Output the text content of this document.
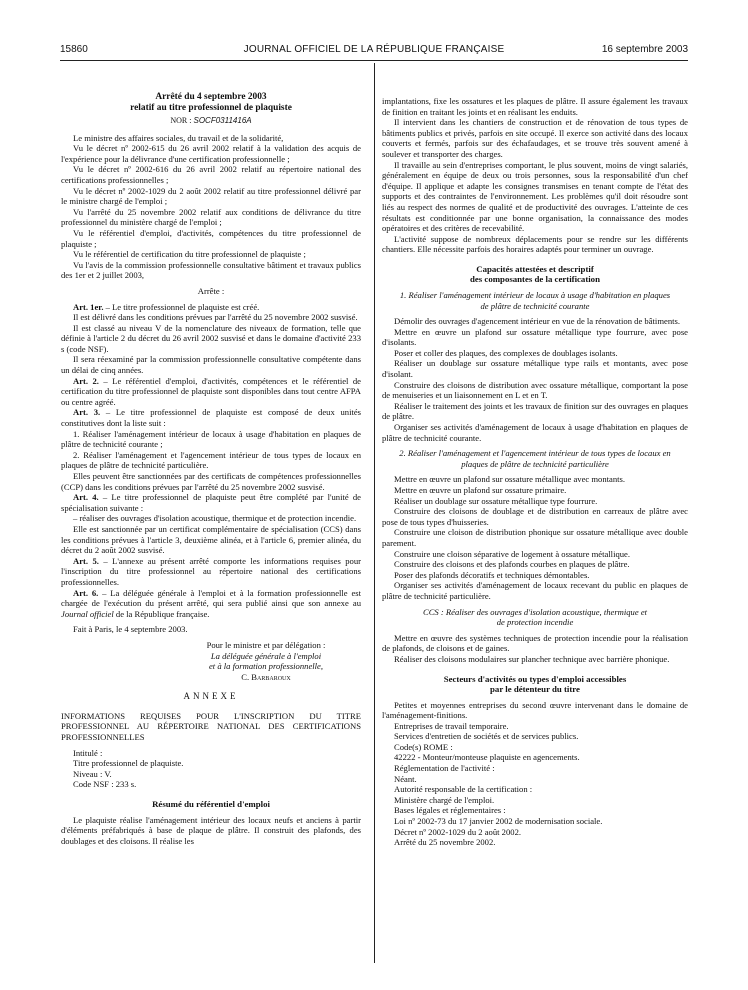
15860	JOURNAL OFFICIEL DE LA RÉPUBLIQUE FRANÇAISE	16 septembre 2003
Arrêté du 4 septembre 2003
relatif au titre professionnel de plaquiste
NOR : SOCF0311416A

Le ministre des affaires sociales, du travail et de la solidarité,

Vu le décret nº 2002-615 du 26 avril 2002 relatif à la validation des acquis de l'expérience pour la délivrance d'une certification professionnelle ;

Vu le décret nº 2002-616 du 26 avril 2002 relatif au répertoire national des certifications professionnelles ;

Vu le décret nº 2002-1029 du 2 août 2002 relatif au titre professionnel délivré par le ministre chargé de l'emploi ;

Vu l'arrêté du 25 novembre 2002 relatif aux conditions de délivrance du titre professionnel du ministère chargé de l'emploi ;

Vu le référentiel d'emploi, d'activités, compétences du titre professionnel de plaquiste ;

Vu le référentiel de certification du titre professionnel de plaquiste ;

Vu l'avis de la commission professionnelle consultative bâtiment et travaux publics des 1er et 2 juillet 2003,

Arrête :

Art. 1er. – Le titre professionnel de plaquiste est créé.

Il est délivré dans les conditions prévues par l'arrêté du 25 novembre 2002 susvisé.

Il est classé au niveau V de la nomenclature des niveaux de formation, telle que définie à l'article 2 du décret du 26 avril 2002 susvisé et dans le domaine d'activité 233 s (code NSF).

Il sera réexaminé par la commission professionnelle consultative compétente dans un délai de cinq années.

Art. 2. – Le référentiel d'emploi, d'activités, compétences et le référentiel de certification du titre professionnel de plaquiste sont disponibles dans tout centre AFPA ou centre agréé.

Art. 3. – Le titre professionnel de plaquiste est composé de deux unités constitutives dont la liste suit :

1. Réaliser l'aménagement intérieur de locaux à usage d'habitation en plaques de plâtre de technicité courante ;

2. Réaliser l'aménagement et l'agencement intérieur de tous types de locaux en plaques de plâtre de technicité particulière.

Elles peuvent être sanctionnées par des certificats de compétences professionnelles (CCP) dans les conditions prévues par l'arrêté du 25 novembre 2002 susvisé.

Art. 4. – Le titre professionnel de plaquiste peut être complété par l'unité de spécialisation suivante :

– réaliser des ouvrages d'isolation acoustique, thermique et de protection incendie.

Elle est sanctionnée par un certificat complémentaire de spécialisation (CCS) dans les conditions prévues à l'article 3, deuxième alinéa, et à l'article 6, premier alinéa, du décret du 2 août 2002 susvisé.

Art. 5. – L'annexe au présent arrêté comporte les informations requises pour l'inscription du titre professionnel au répertoire national des certifications professionnelles.

Art. 6. – La déléguée générale à l'emploi et à la formation professionnelle est chargée de l'exécution du présent arrêté, qui sera publié ainsi que son annexe au Journal officiel de la République française.

Fait à Paris, le 4 septembre 2003.

Pour le ministre et par délégation :
La déléguée générale à l'emploi
et à la formation professionnelle,
C. Barbaroux
ANNEXE

INFORMATIONS REQUISES POUR L'INSCRIPTION DU TITRE PROFESSIONNEL AU RÉPERTOIRE NATIONAL DES CERTIFICATIONS PROFESSIONNELLES

Intitulé :

Titre professionnel de plaquiste.

Niveau : V.

Code NSF : 233 s.

Résumé du référentiel d'emploi

Le plaquiste réalise l'aménagement intérieur des locaux neufs et anciens à partir d'éléments préfabriqués à base de plaque de plâtre. Il construit des plafonds, des doublages et des cloisons. Il réalise les

implantations, fixe les ossatures et les plaques de plâtre. Il assure également les travaux de finition en traitant les joints et en réalisant les enduits.

Il intervient dans les chantiers de construction et de rénovation de tous types de bâtiments publics et privés, parfois en site occupé. Il exerce son activité dans des locaux couverts et fermés, parfois sur des échafaudages, et se trouve très souvent amené à soulever et transporter des charges.

Il travaille au sein d'entreprises comportant, le plus souvent, moins de vingt salariés, généralement en équipe de deux ou trois personnes, sous la responsabilité d'un chef d'équipe. Il applique et adapte les consignes transmises en tenant compte de l'état des supports et des contraintes de l'environnement. Les problèmes qu'il doit résoudre sont liés au respect des normes de qualité et de productivité des ouvrages. L'atteinte de ces résultats est conditionnée par une bonne organisation, la connaissance des modes opératoires et des critères de recevabilité.

L'activité suppose de nombreux déplacements pour se rendre sur les différents chantiers. Elle nécessite parfois des horaires adaptés pour terminer un ouvrage.

Capacités attestées et descriptif
des composantes de la certification

1. Réaliser l'aménagement intérieur de locaux à usage d'habitation en plaques de plâtre de technicité courante

Démolir des ouvrages d'agencement intérieur en vue de la rénovation de bâtiments.

Mettre en œuvre un plafond sur ossature métallique type fourrure, avec pose d'isolants.

Poser et coller des plaques, des complexes de doublages isolants.

Réaliser un doublage sur ossature métallique type rails et montants, avec pose d'isolant.

Construire des cloisons de distribution avec ossature métallique, comportant la pose de menuiseries et un liaisonnement en L et en T.

Réaliser le traitement des joints et les travaux de finition sur des ouvrages en plaques de plâtre.

Organiser ses activités d'aménagement de locaux à usage d'habitation en plaques de plâtre de technicité courante.

2. Réaliser l'aménagement et l'agencement intérieur de tous types de locaux en plaques de plâtre de technicité particulière

Mettre en œuvre un plafond sur ossature métallique avec montants.

Mettre en œuvre un plafond sur ossature primaire.

Réaliser un doublage sur ossature métallique type fourrure.

Construire des cloisons de doublage et de distribution en carreaux de plâtre avec pose de tous types d'huisseries.

Construire une cloison de distribution phonique sur ossature métallique avec double parement.

Construire une cloison séparative de logement à ossature métallique.

Construire des cloisons et des plafonds courbes en plaques de plâtre.

Poser des plafonds décoratifs et techniques démontables.

Organiser ses activités d'aménagement de locaux recevant du public en plaques de plâtre de technicité particulière.

CCS : Réaliser des ouvrages d'isolation acoustique, thermique et de protection incendie

Mettre en œuvre des systèmes techniques de protection incendie pour la réalisation de plafonds, de cloisons et de gaines.

Réaliser des cloisons modulaires sur plancher technique avec barrière phonique.

Secteurs d'activités ou types d'emploi accessibles
par le détenteur du titre

Petites et moyennes entreprises du second œuvre intervenant dans le domaine de l'aménagement-finitions.

Entreprises de travail temporaire.

Services d'entretien de sociétés et de services publics.

Code(s) ROME :

42222 - Monteur/monteuse plaquiste en agencements.

Réglementation de l'activité :

Néant.

Autorité responsable de la certification :

Ministère chargé de l'emploi.

Bases légales et réglementaires :

Loi nº 2002-73 du 17 janvier 2002 de modernisation sociale.

Décret nº 2002-1029 du 2 août 2002.

Arrêté du 25 novembre 2002.
